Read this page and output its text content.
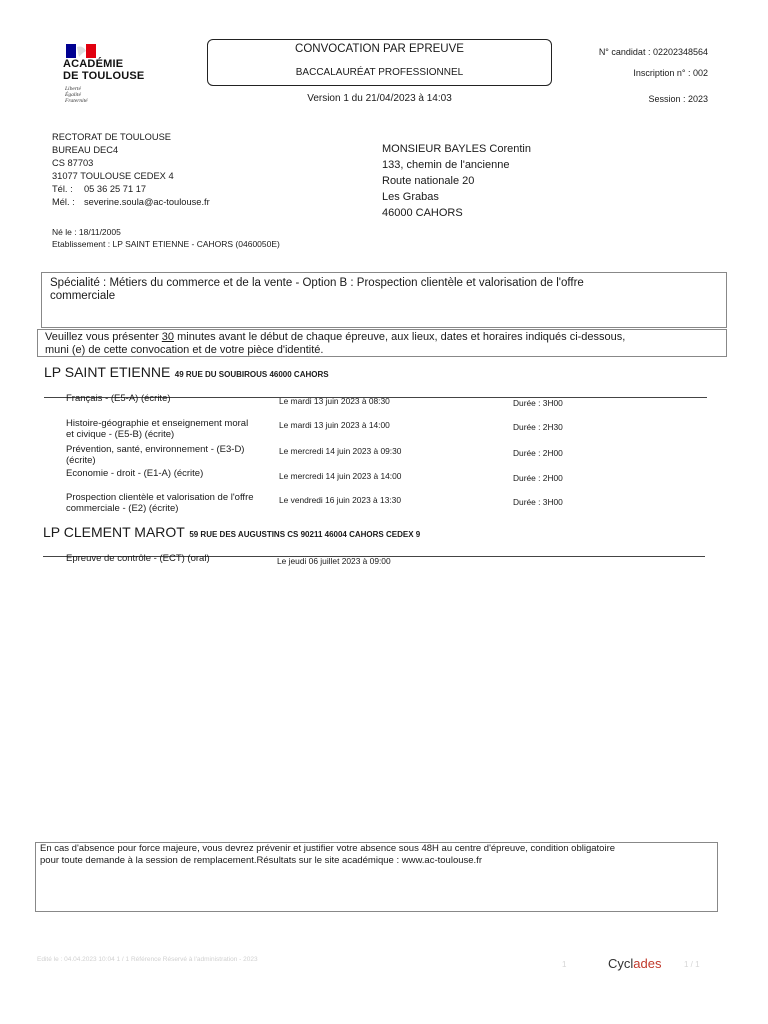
ACADÉMIE
DE TOULOUSE
Liberté
Égalité
Fraternité
CONVOCATION PAR EPREUVE
BACCALAURÉAT PROFESSIONNEL
Version 1 du 21/04/2023 à 14:03
N° candidat : 02202348564
Inscription n° : 002
Session : 2023
RECTORAT DE TOULOUSE
BUREAU DEC4
CS 87703
31077 TOULOUSE CEDEX 4
Tél. :	05 36 25 71 17
Mél. : severine.soula@ac-toulouse.fr
MONSIEUR BAYLES Corentin
133, chemin de l'ancienne
Route nationale 20
Les Grabas
46000 CAHORS
Né le : 18/11/2005
Etablissement : LP SAINT ETIENNE - CAHORS (0460050E)
Spécialité : Métiers du commerce et de la vente - Option B : Prospection clientèle et valorisation de l'offre
commerciale
Veuillez vous présenter 30 minutes avant le début de chaque épreuve, aux lieux, dates et horaires indiqués ci-dessous,
muni (e) de cette convocation et de votre pièce d'identité.
LP SAINT ETIENNE 49 RUE DU SOUBIROUS 46000 CAHORS
Français - (E5-A) (écrite)	Le mardi 13 juin 2023 à 08:30	Durée : 3H00
Histoire-géographie et enseignement moral et civique - (E5-B) (écrite)
Le mardi 13 juin 2023 à 14:00	Durée : 2H30
Prévention, santé, environnement - (E3-D) (écrite)
Le mercredi 14 juin 2023 à 09:30	Durée : 2H00
Economie - droit - (E1-A) (écrite)	Le mercredi 14 juin 2023 à 14:00	Durée : 2H00
Prospection clientèle et valorisation de l'offre commerciale - (E2) (écrite)
Le vendredi 16 juin 2023 à 13:30	Durée : 3H00
LP CLEMENT MAROT 59 RUE DES AUGUSTINS CS 90211 46004 CAHORS CEDEX 9
Epreuve de contrôle - (ECT) (oral)	Le jeudi 06 juillet 2023 à 09:00
En cas d'absence pour force majeure, vous devrez prévenir et justifier votre absence sous 48H au centre d'épreuve, condition obligatoire
pour toute demande à la session de remplacement.Résultats sur le site académique : www.ac-toulouse.fr
Edité le : 04.04.2023 10:04 1 / 1 Référence Réservé à l'administration - 2023
1	Cyclades	1 / 1
